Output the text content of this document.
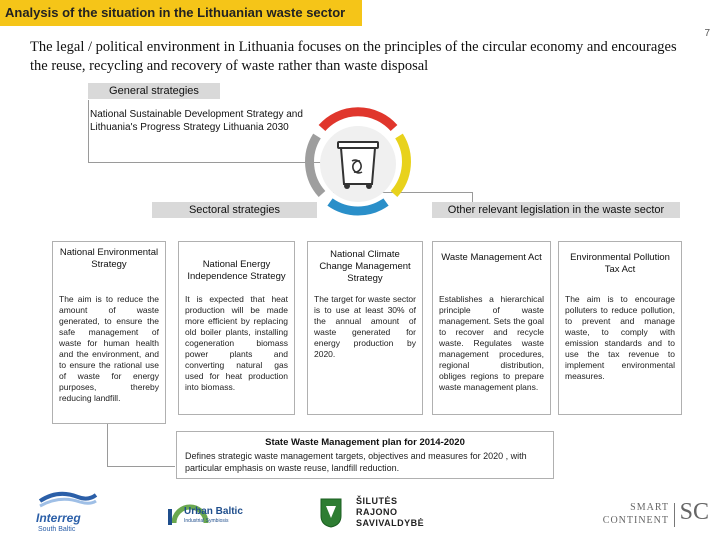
Analysis of the situation in the Lithuanian waste sector
7
The legal / political environment in Lithuania focuses on the principles of the circular economy and encourages the reuse, recycling and recovery of waste rather than waste disposal
General strategies
National Sustainable Development Strategy and Lithuania's Progress Strategy Lithuania 2030
Sectoral strategies	Other relevant legislation in the waste sector
National Environmental Strategy
The aim is to reduce the amount of waste generated, to ensure the safe management of waste for human health and the environment, and to ensure the rational use of waste for energy purposes, thereby reducing landfill.
National Energy Independence Strategy
It is expected that heat production will be made more efficient by replacing old boiler plants, installing cogeneration biomass power plants and converting natural gas used for heat production into biomass.
National Climate Change Management Strategy
The target for waste sector is to use at least 30% of the annual amount of waste generated for energy production by 2020.
Waste Management Act
Establishes a hierarchical principle of waste management. Sets the goal to recover and recycle waste. Regulates waste management procedures, regional distribution, obliges regions to prepare waste management plans.
Environmental Pollution Tax Act
The aim is to encourage polluters to reduce pollution, to prevent and manage waste, to comply with emission standards and to use the tax revenue to implement environmental measures.
State Waste Management plan for 2014-2020
Defines strategic waste management targets, objectives and measures for 2020 , with particular emphasis on waste reuse, landfill reduction.
Interreg
South Baltic
Urban Baltic
Industrial Symbiosis
ŠILUTĖS
RAJONO
SAVIVALDYBĖ
SMART
CONTINENT SC
